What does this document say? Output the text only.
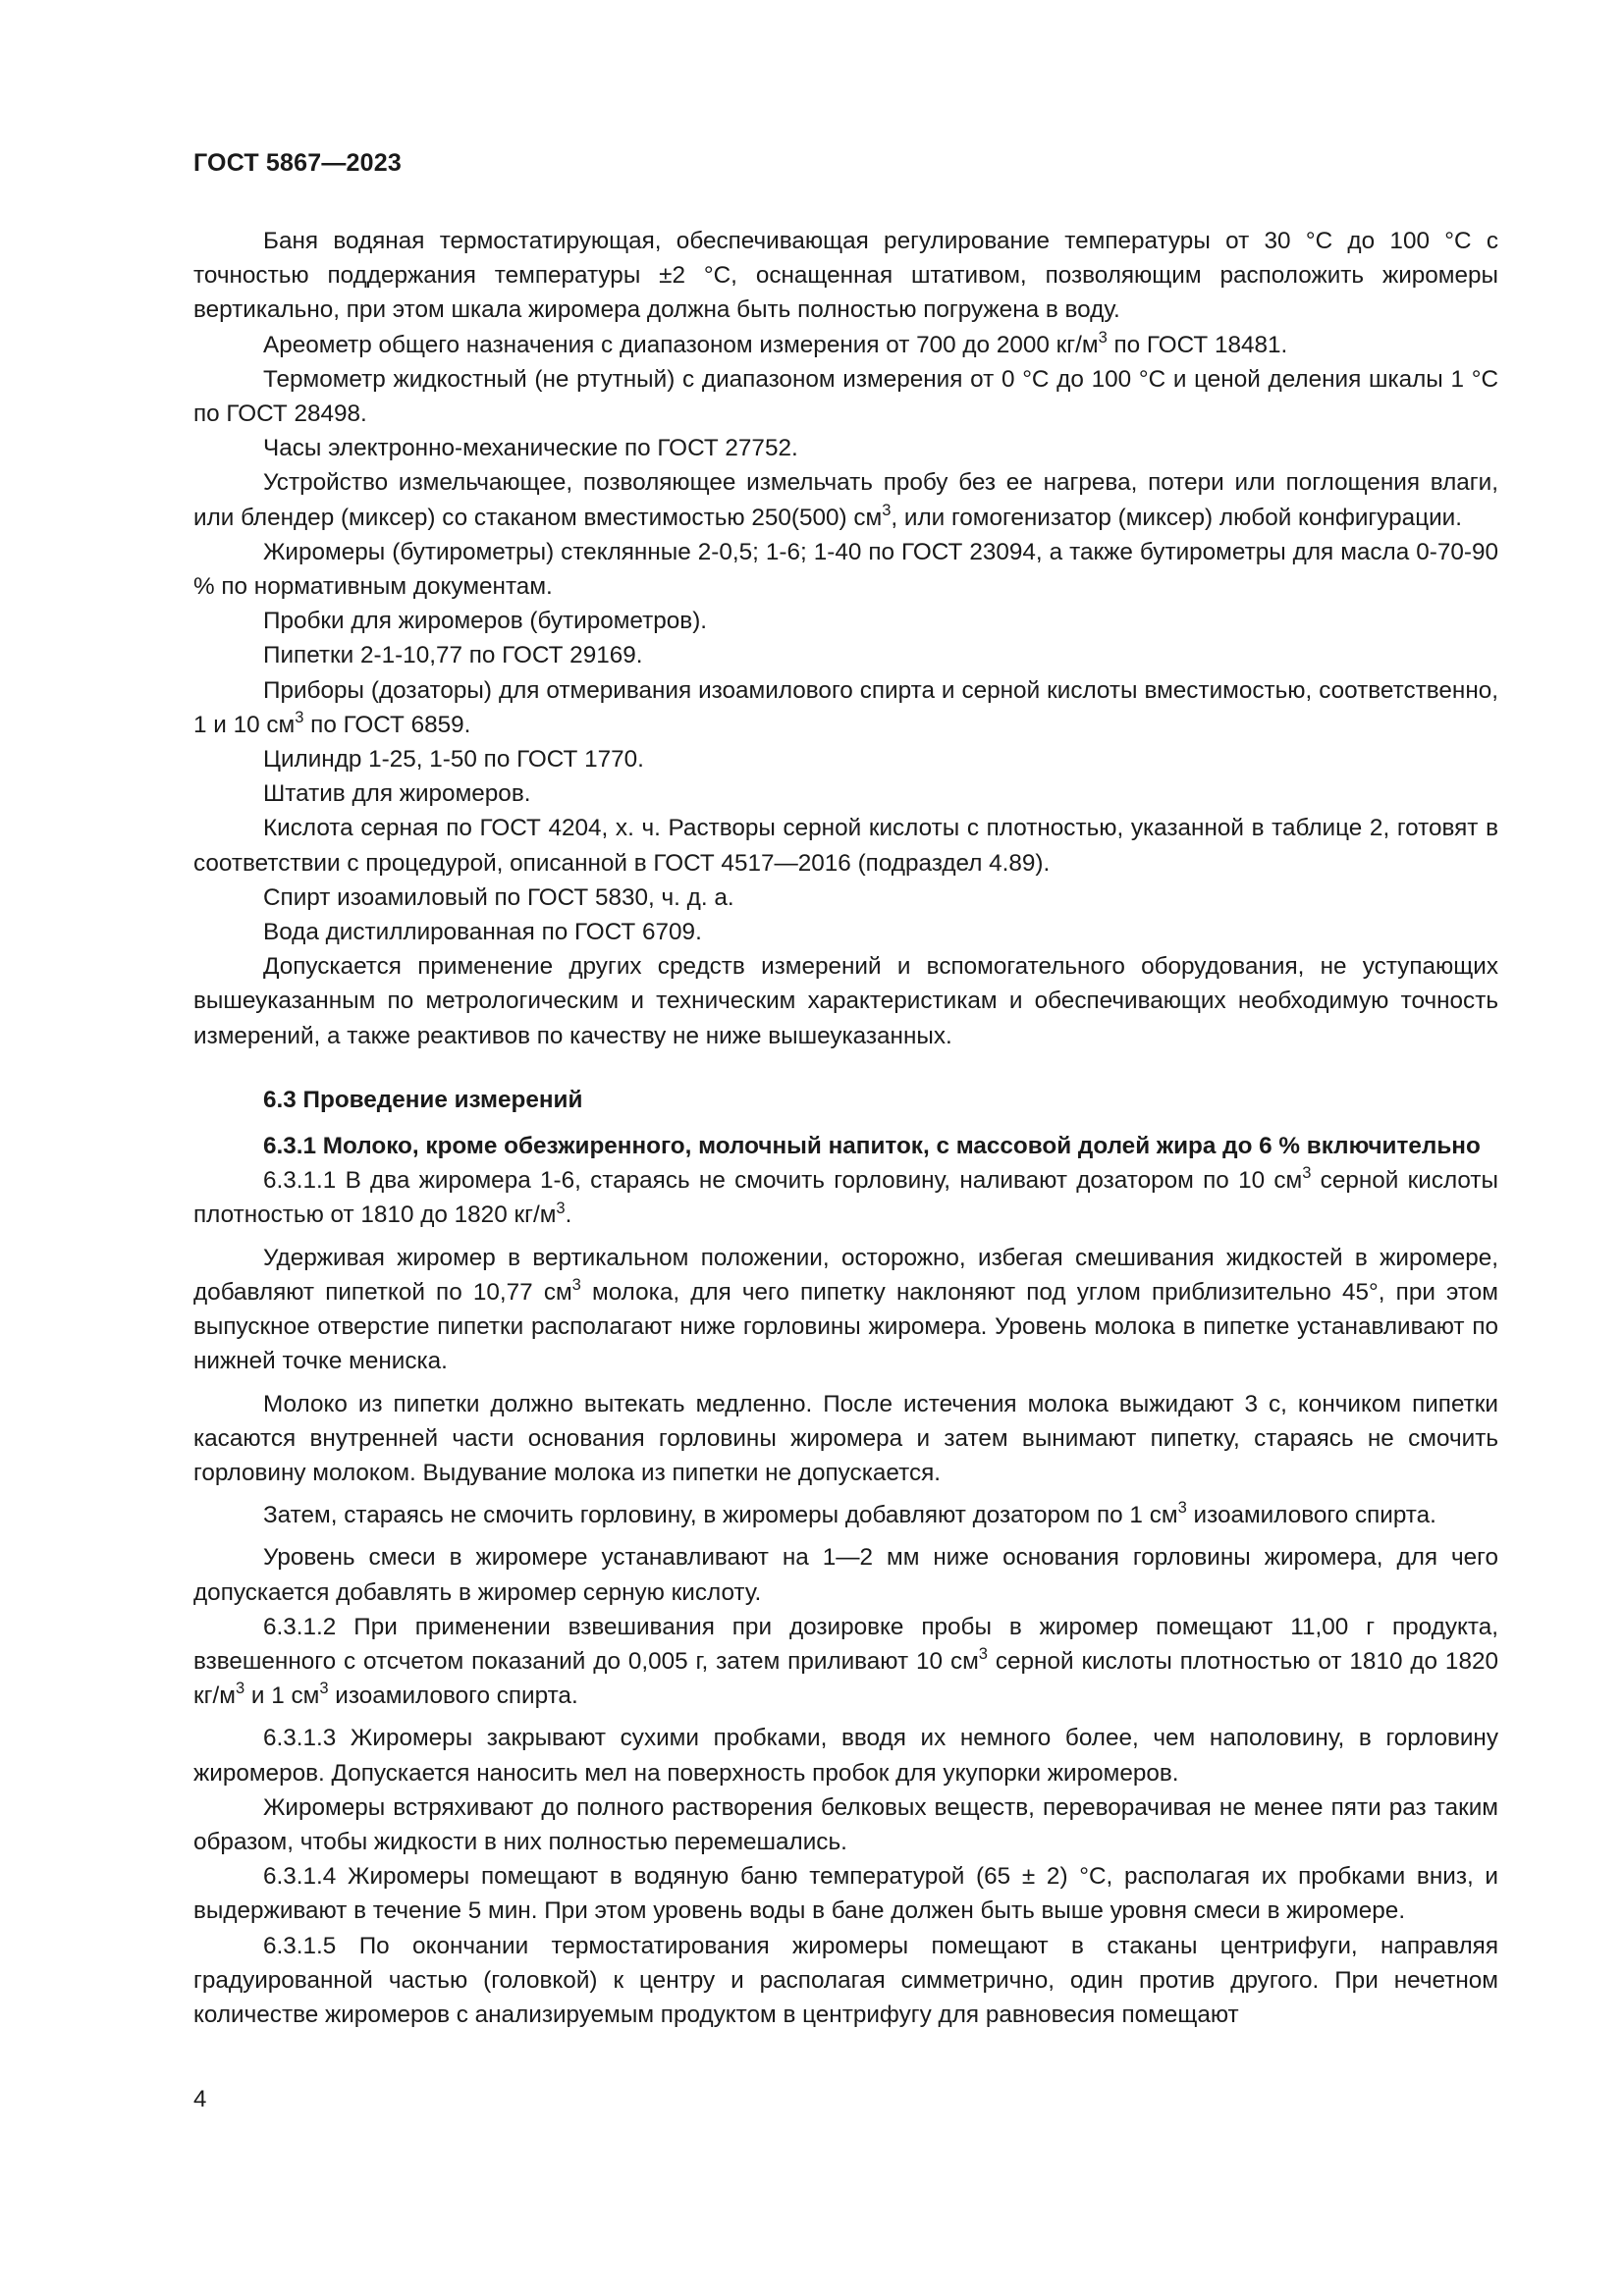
ГОСТ 5867—2023

Баня водяная термостатирующая, обеспечивающая регулирование температуры от 30 °C до 100 °C с точностью поддержания температуры ±2 °C, оснащенная штативом, позволяющим расположить жиромеры вертикально, при этом шкала жиромера должна быть полностью погружена в воду.

Ареометр общего назначения с диапазоном измерения от 700 до 2000 $кг/м^3$ по ГОСТ 18481.

Термометр жидкостный (не ртутный) с диапазоном измерения от 0 °C до 100 °C и ценой деления шкалы 1 °C по ГОСТ 28498.

Часы электронно-механические по ГОСТ 27752.

Устройство измельчающее, позволяющее измельчать пробу без ее нагрева, потери или поглощения влаги, или блендер (миксер) со стаканом вместимостью 250(500) $см^3$, или гомогенизатор (миксер) любой конфигурации.

Жиромеры (бутирометры) стеклянные 2-0,5; 1-6; 1-40 по ГОСТ 23094, а также бутирометры для масла 0-70-90 % по нормативным документам.

Пробки для жиромеров (бутирометров).

Пипетки 2-1-10,77 по ГОСТ 29169.

Приборы (дозаторы) для отмеривания изоамилового спирта и серной кислоты вместимостью, соответственно, 1 и 10 $см^3$ по ГОСТ 6859.

Цилиндр 1-25, 1-50 по ГОСТ 1770.

Штатив для жиромеров.

Кислота серная по ГОСТ 4204, х. ч. Растворы серной кислоты с плотностью, указанной в таблице 2, готовят в соответствии с процедурой, описанной в ГОСТ 4517—2016 (подраздел 4.89).

Спирт изоамиловый по ГОСТ 5830, ч. д. а.

Вода дистиллированная по ГОСТ 6709.

Допускается применение других средств измерений и вспомогательного оборудования, не уступающих вышеуказанным по метрологическим и техническим характеристикам и обеспечивающих необходимую точность измерений, а также реактивов по качеству не ниже вышеуказанных.

6.3 Проведение измерений

6.3.1 Молоко, кроме обезжиренного, молочный напиток, с массовой долей жира до 6 % включительно

6.3.1.1 В два жиромера 1-6, стараясь не смочить горловину, наливают дозатором по 10 $см^3$ серной кислоты плотностью от 1810 до 1820 $кг/м^3$.

Удерживая жиромер в вертикальном положении, осторожно, избегая смешивания жидкостей в жиромере, добавляют пипеткой по 10,77 $см^3$ молока, для чего пипетку наклоняют под углом приблизительно 45°, при этом выпускное отверстие пипетки располагают ниже горловины жиромера. Уровень молока в пипетке устанавливают по нижней точке мениска.

Молоко из пипетки должно вытекать медленно. После истечения молока выжидают 3 с, кончиком пипетки касаются внутренней части основания горловины жиромера и затем вынимают пипетку, стараясь не смочить горловину молоком. Выдувание молока из пипетки не допускается.

Затем, стараясь не смочить горловину, в жиромеры добавляют дозатором по 1 $см^3$ изоамилового спирта.

Уровень смеси в жиромере устанавливают на 1—2 мм ниже основания горловины жиромера, для чего допускается добавлять в жиромер серную кислоту.

6.3.1.2 При применении взвешивания при дозировке пробы в жиромер помещают 11,00 г продукта, взвешенного с отсчетом показаний до 0,005 г, затем приливают 10 $см^3$ серной кислоты плотностью от 1810 до 1820 $кг/м^3$ и 1 $см^3$ изоамилового спирта.

6.3.1.3 Жиромеры закрывают сухими пробками, вводя их немного более, чем наполовину, в горловину жиромеров. Допускается наносить мел на поверхность пробок для укупорки жиромеров.

Жиромеры встряхивают до полного растворения белковых веществ, переворачивая не менее пяти раз таким образом, чтобы жидкости в них полностью перемешались.

6.3.1.4 Жиромеры помещают в водяную баню температурой (65 ± 2) °C, располагая их пробками вниз, и выдерживают в течение 5 мин. При этом уровень воды в бане должен быть выше уровня смеси в жиромере.

6.3.1.5 По окончании термостатирования жиромеры помещают в стаканы центрифуги, направляя градуированной частью (головкой) к центру и располагая симметрично, один против другого. При нечетном количестве жиромеров с анализируемым продуктом в центрифугу для равновесия помещают

4
